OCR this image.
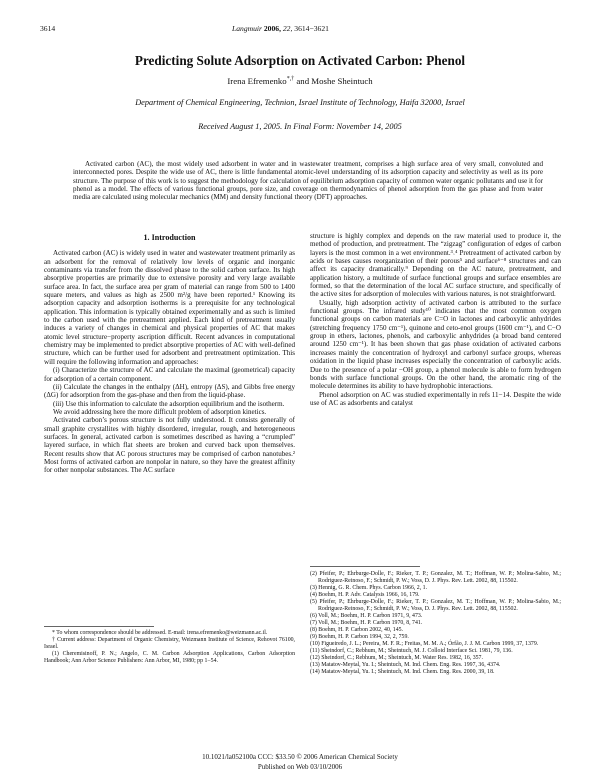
3614	Langmuir 2006, 22, 3614−3621
Predicting Solute Adsorption on Activated Carbon: Phenol
Irena Efremenko*,† and Moshe Sheintuch
Department of Chemical Engineering, Technion, Israel Institute of Technology, Haifa 32000, Israel
Received August 1, 2005. In Final Form: November 14, 2005
Activated carbon (AC), the most widely used adsorbent in water and in wastewater treatment, comprises a high surface area of very small, convoluted and interconnected pores. Despite the wide use of AC, there is little fundamental atomic-level understanding of its adsorption capacity and selectivity as well as its pore structure. The purpose of this work is to suggest the methodology for calculation of equilibrium adsorption capacity of common water organic pollutants and use it for phenol as a model. The effects of various functional groups, pore size, and coverage on thermodynamics of phenol adsorption from the gas phase and from water media are calculated using molecular mechanics (MM) and density functional theory (DFT) approaches.
1. Introduction

Activated carbon (AC) is widely used in water and wastewater treatment primarily as an adsorbent for the removal of relatively low levels of organic and inorganic contaminants via transfer from the dissolved phase to the solid carbon surface. Its high absorptive properties are primarily due to extensive porosity and very large available surface area. In fact, the surface area per gram of material can range from 500 to 1400 square meters, and values as high as 2500 m²/g have been reported.¹ Knowing its adsorption capacity and adsorption isotherms is a prerequisite for any technological application. This information is typically obtained experimentally and as such is limited to the carbon used with the pretreatment applied. Each kind of pretreatment usually induces a variety of changes in chemical and physical properties of AC that makes atomic level structure−property ascription difficult. Recent advances in computational chemistry may be implemented to predict absorptive properties of AC with well-defined structure, which can be further used for adsorbent and pretreatment optimization. This will require the following information and approaches:

(i) Characterize the structure of AC and calculate the maximal (geometrical) capacity for adsorption of a certain component.

(ii) Calculate the changes in the enthalpy (ΔH), entropy (ΔS), and Gibbs free energy (ΔG) for adsorption from the gas-phase and then from the liquid-phase.

(iii) Use this information to calculate the adsorption equilibrium and the isotherm.

We avoid addressing here the more difficult problem of adsorption kinetics.

Activated carbon’s porous structure is not fully understood. It consists generally of small graphite crystallites with highly disordered, irregular, rough, and heterogeneous surfaces. In general, activated carbon is sometimes described as having a “crumpled” layered surface, in which flat sheets are broken and curved back upon themselves. Recent results show that AC porous structures may be comprised of carbon nanotubes.² Most forms of activated carbon are nonpolar in nature, so they have the greatest affinity for other nonpolar substances. The AC surface

structure is highly complex and depends on the raw material used to produce it, the method of production, and pretreatment. The “zigzag” configuration of edges of carbon layers is the most common in a wet environment.³˒⁴ Pretreatment of activated carbon by acids or bases causes reorganization of their porous⁵ and surface⁶⁻⁸ structures and can affect its capacity dramatically.⁹ Depending on the AC nature, pretreatment, and application history, a multitude of surface functional groups and surface ensembles are formed, so that the determination of the local AC surface structure, and specifically of the active sites for adsorption of molecules with various natures, is not straightforward.

Usually, high adsorption activity of activated carbon is attributed to the surface functional groups. The infrared study¹⁰ indicates that the most common oxygen functional groups on carbon materials are C=O in lactones and carboxylic anhydrides (stretching frequency 1750 cm⁻¹), quinone and ceto-enol groups (1600 cm⁻¹), and C−O group in ethers, lactones, phenols, and carboxylic anhydrides (a broad band centered around 1250 cm⁻¹). It has been shown that gas phase oxidation of activated carbons increases mainly the concentration of hydroxyl and carbonyl surface groups, whereas oxidation in the liquid phase increases especially the concentration of carboxylic acids. Due to the presence of a polar −OH group, a phenol molecule is able to form hydrogen bonds with surface functional groups. On the other hand, the aromatic ring of the molecule determines its ability to have hydrophobic interactions.

Phenol adsorption on AC was studied experimentally in refs 11−14. Despite the wide use of AC as adsorbents and catalyst

* To whom correspondence should be addressed. E-mail: irena.efremenko@weizmann.ac.il.
† Current address: Department of Organic Chemistry, Weizmann Institute of Science, Rehovot 76100, Israel.
(1) Cheremisinoff, P. N.; Angelo, C. M. Carbon Adsorption Applications, Carbon Adsorption Handbook; Ann Arbor Science Publishers: Ann Arbor, MI, 1980; pp 1−54.
(2) Pfeifer, P.; Ehrburge-Dolle, F.; Rieker, T. P.; Gonzalez, M. T.; Hoffman, W. P.; Molina-Sabio, M.; Rodriguez-Reinoso, F.; Schmidt, P. W.; Voss, D. J. Phys. Rev. Lett. 2002, 88, 115502.
(3) Hennig, G. R. Chem. Phys. Carbon 1966, 2, 1.
(4) Boehm, H. P. Adv. Catalysis 1966, 16, 179.
(5) Pfeifer, P.; Ehrburge-Dolle, F.; Rieker, T. P.; Gonzalez, M. T.; Hoffman, W. P.; Molina-Sabio, M.; Rodriguez-Reinoso, F.; Schmidt, P. W.; Voss, D. J. Phys. Rev. Lett. 2002, 88, 115502.
(6) Voll, M.; Boehm, H. P. Carbon 1971, 9, 473.
(7) Voll, M.; Boehm, H. P. Carbon 1970, 8, 741.
(8) Boehm, H. P. Carbon 2002, 40, 145.
(9) Boehm, H. P. Carbon 1994, 32, 2, 759.
(10) Figueiredo, J. L.; Pereira, M. F. R.; Freitas, M. M. A.; Órfão, J. J. M. Carbon 1999, 37, 1379.
(11) Sheindorf, C.; Rebhum, M.; Sheintuch, M. J. Colloid Interface Sci. 1981, 79, 136.
(12) Sheindorf, C.; Rebhum, M.; Sheintuch, M. Water Res. 1982, 16, 357.
(13) Matatov-Meytal, Yu. I.; Sheintuch, M. Ind. Chem. Eng. Res. 1997, 36, 4374.
(14) Matatov-Meytal, Yu. I.; Sheintuch, M. Ind. Chem. Eng. Res. 2000, 39, 18.
10.1021/la052100a CCC: $33.50 © 2006 American Chemical Society
Published on Web 03/10/2006
